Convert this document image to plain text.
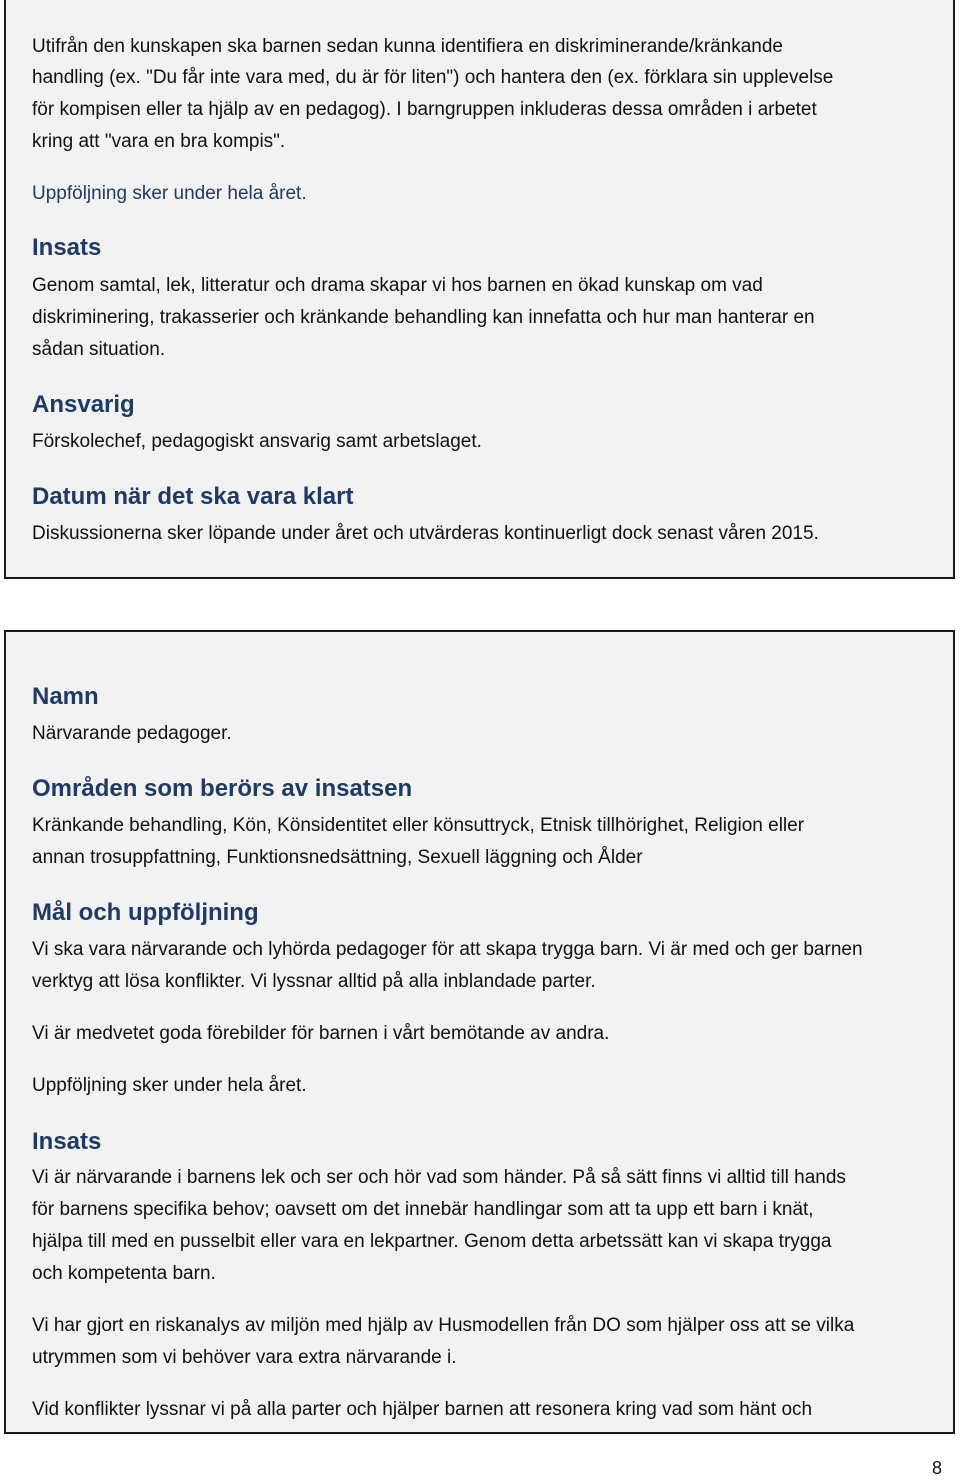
Utifrån den kunskapen ska barnen sedan kunna identifiera en diskriminerande/kränkande

handling (ex. "Du får inte vara med, du är för liten") och hantera den (ex. förklara sin upplevelse

för kompisen eller ta hjälp av en pedagog). I barngruppen inkluderas dessa områden i arbetet

kring att "vara en bra kompis".

Uppföljning sker under hela året.

Insats

Genom samtal, lek, litteratur och drama skapar vi hos barnen en ökad kunskap om vad

diskriminering, trakasserier och kränkande behandling kan innefatta och hur man hanterar en

sådan situation.

Ansvarig

Förskolechef, pedagogiskt ansvarig samt arbetslaget.

Datum när det ska vara klart

Diskussionerna sker löpande under året och utvärderas kontinuerligt dock senast våren 2015.

Namn

Närvarande pedagoger.

Områden som berörs av insatsen

Kränkande behandling, Kön, Könsidentitet eller könsuttryck, Etnisk tillhörighet, Religion eller

annan trosuppfattning, Funktionsnedsättning, Sexuell läggning och Ålder

Mål och uppföljning

Vi ska vara närvarande och lyhörda pedagoger för att skapa trygga barn. Vi är med och ger barnen

verktyg att lösa konflikter. Vi lyssnar alltid på alla inblandade parter.

Vi är medvetet goda förebilder för barnen i vårt bemötande av andra.

Uppföljning sker under hela året.

Insats

Vi är närvarande i barnens lek och ser och hör vad som händer. På så sätt finns vi alltid till hands

för barnens specifika behov; oavsett om det innebär handlingar som att ta upp ett barn i knät,

hjälpa till med en pusselbit eller vara en lekpartner. Genom detta arbetssätt kan vi skapa trygga

och kompetenta barn.

Vi har gjort en riskanalys av miljön med hjälp av Husmodellen från DO som hjälper oss att se vilka

utrymmen som vi behöver vara extra närvarande i.

Vid konflikter lyssnar vi på alla parter och hjälper barnen att resonera kring vad som hänt och

8
